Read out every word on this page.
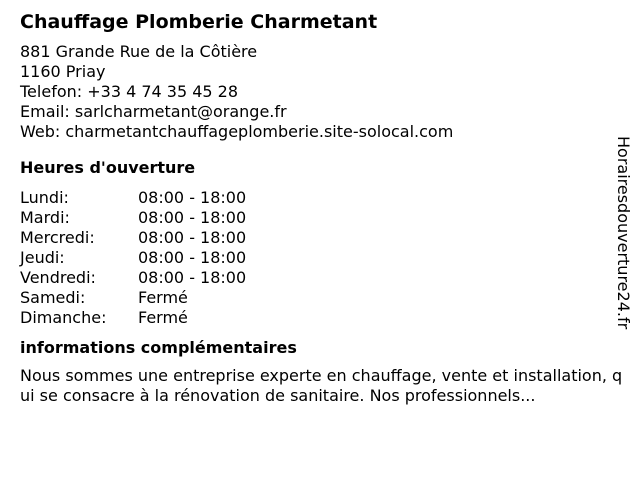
Chauffage Plomberie Charmetant
881 Grande Rue de la Côtière
1160 Priay
Telefon: +33 4 74 35 45 28
Email: sarlcharmetant@orange.fr
Web: charmetantchauffageplomberie.site-solocal.com
Heures d'ouverture
Lundi:	08:00 - 18:00
Mardi:	08:00 - 18:00
Mercredi:	08:00 - 18:00
Jeudi:	08:00 - 18:00
Vendredi:	08:00 - 18:00
Samedi:	Fermé
Dimanche:	Fermé
informations complémentaires
Nous sommes une entreprise experte en chauffage, vente et installation, qui se consacre à la rénovation de sanitaire. Nos professionnels...
Horairesdouverture24.fr
